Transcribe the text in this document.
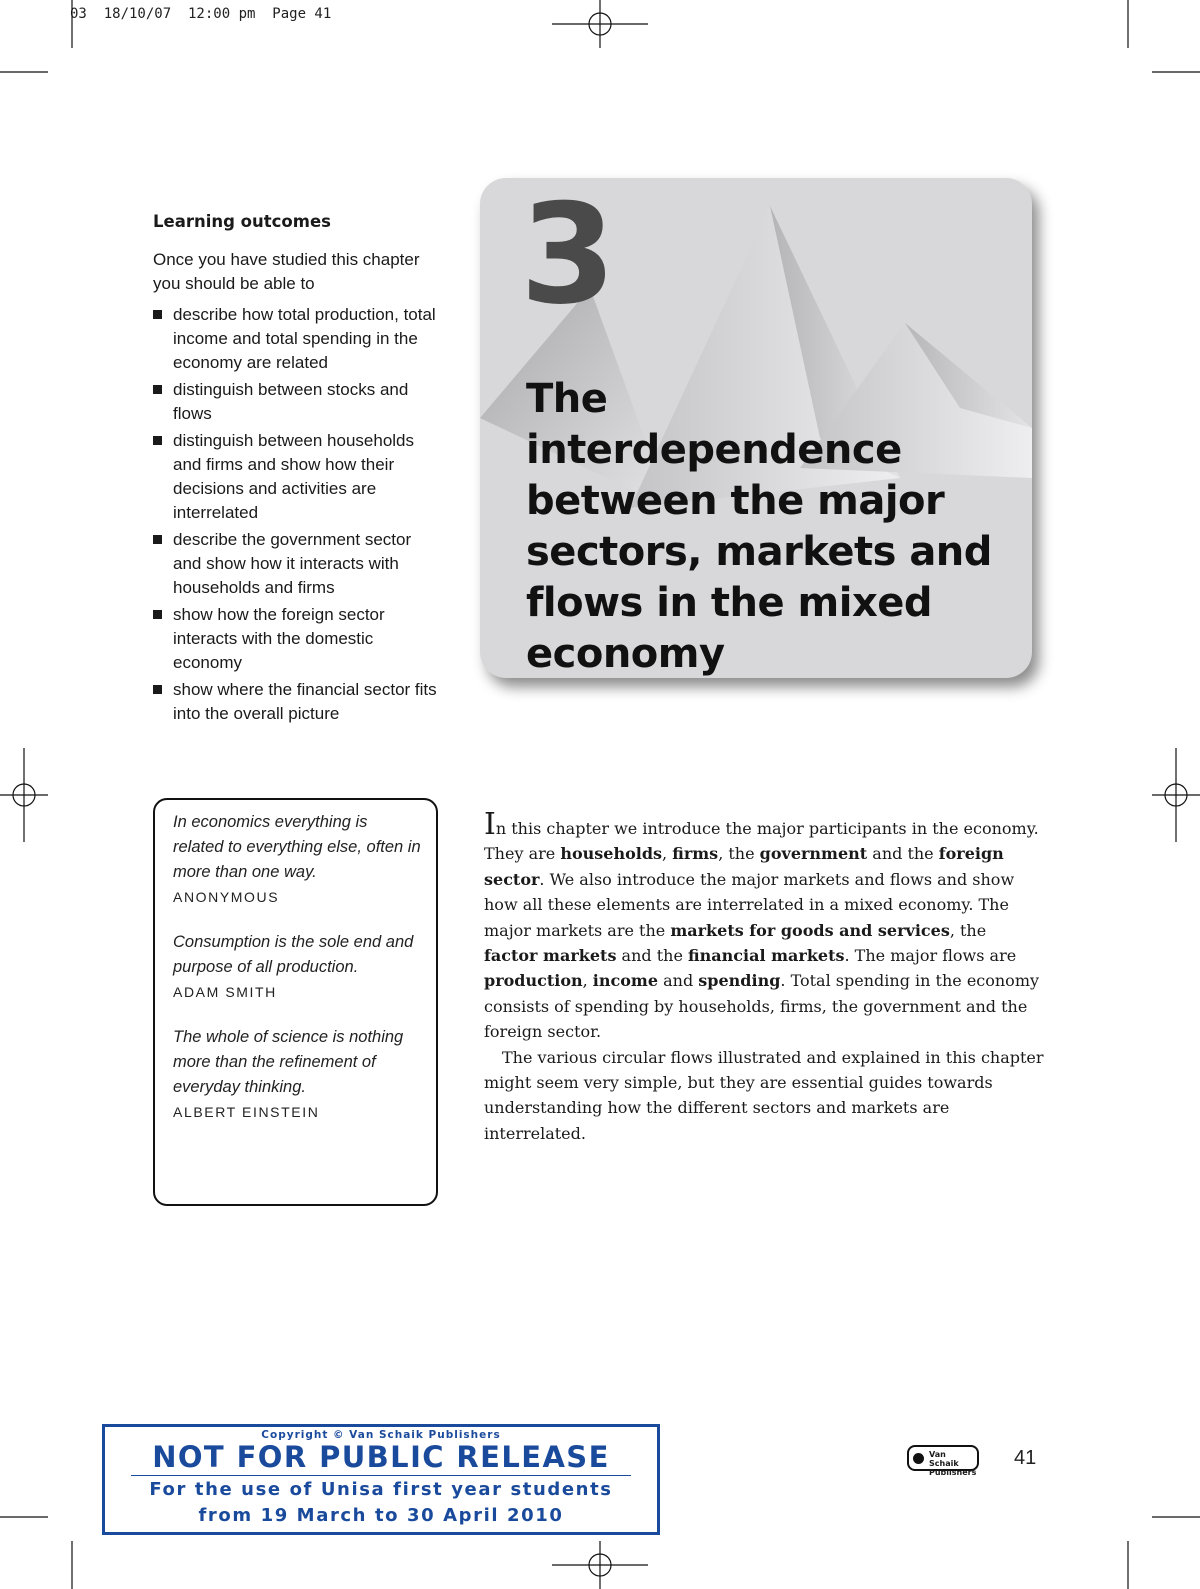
03  18/10/07  12:00 pm  Page 41
Learning outcomes
Once you have studied this chapter you should be able to
describe how total production, total income and total spending in the economy are related
distinguish between stocks and flows
distinguish between households and firms and show how their decisions and activities are interrelated
describe the government sector and show how it interacts with households and firms
show how the foreign sector interacts with the domestic economy
show where the financial sector fits into the overall picture
3
The interdependence between the major sectors, markets and flows in the mixed economy
In economics everything is related to everything else, often in more than one way.
ANONYMOUS
Consumption is the sole end and purpose of all production.
ADAM SMITH
The whole of science is nothing more than the refinement of everyday thinking.
ALBERT EINSTEIN

In this chapter we introduce the major participants in the economy. They are households, firms, the government and the foreign sector. We also introduce the major markets and flows and show how all these elements are interrelated in a mixed economy. The major markets are the markets for goods and services, the factor markets and the financial markets. The major flows are production, income and spending. Total spending in the economy consists of spending by households, firms, the government and the foreign sector.

The various circular flows illustrated and explained in this chapter might seem very simple, but they are essential guides towards understanding how the different sectors and markets are interrelated.

Van Schaik Publishers
41
Copyright © Van Schaik Publishers
NOT FOR PUBLIC RELEASE
For the use of Unisa first year students
from 19 March to 30 April 2010
